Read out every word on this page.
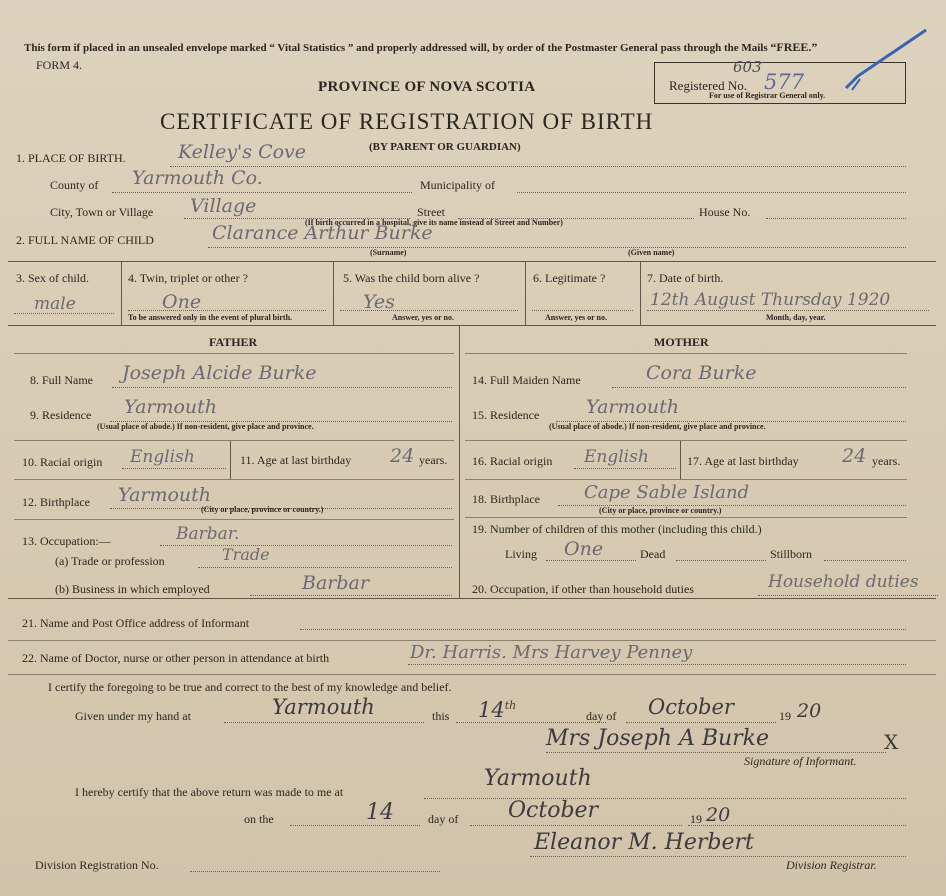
This form if placed in an unsealed envelope marked “ Vital Statistics ” and properly addressed will, by order of the Postmaster General pass through the Mails “FREE.”
FORM 4.
PROVINCE OF NOVA SCOTIA
CERTIFICATE OF REGISTRATION OF BIRTH
(BY PARENT OR GUARDIAN)
Registered No. 577
603
For use of Registrar General only.
1. PLACE OF BIRTH.	Kelley's Cove
County of Yarmouth Co.	Municipality of
City, Town or Village Village	Street	House No.
(If birth occurred in a hospital, give its name instead of Street and Number)
2. FULL NAME OF CHILD	Clarance Arthur Burke
(Surname)	(Given name)
3. Sex of child.
male
4. Twin, triplet or other ?
One
To be answered only in the event of plural birth.
5. Was the child born alive ?
Yes
Answer, yes or no.
6. Legitimate ?
Answer, yes or no.
7. Date of birth.
12th August Thursday 1920
Month, day, year.
FATHER
8. Full Name Joseph Alcide Burke
9. Residence Yarmouth
(Usual place of abode.) If non-resident, give place and province.
10. Racial origin English	11. Age at last birthday 24 years.
12. Birthplace Yarmouth
(City or place, province or country.)
13. Occupation:—	Barbar.
(a) Trade or profession	Trade
(b) Business in which employed	Barbar
MOTHER
14. Full Maiden Name	Cora Burke
15. Residence Yarmouth
(Usual place of abode.) If non-resident, give place and province.
16. Racial origin English	17. Age at last birthday 24 years.
18. Birthplace Cape Sable Island
(City or place, province or country.)
19. Number of children of this mother (including this child.)
Living One	Dead	Stillborn
20. Occupation, if other than household duties	Household duties
21. Name and Post Office address of Informant
22. Name of Doctor, nurse or other person in attendance at birth	Dr. Harris. Mrs Harvey Penney
I certify the foregoing to be true and correct to the best of my knowledge and belief.
Given under my hand at	Yarmouth	this 14th
day of October	19 20
Mrs Joseph A Burke	X
Signature of Informant.
I hereby certify that the above return was made to me at
Yarmouth
on the	14	day of October	19 20
Eleanor M. Herbert
Division Registration No.	Division Registrar.
